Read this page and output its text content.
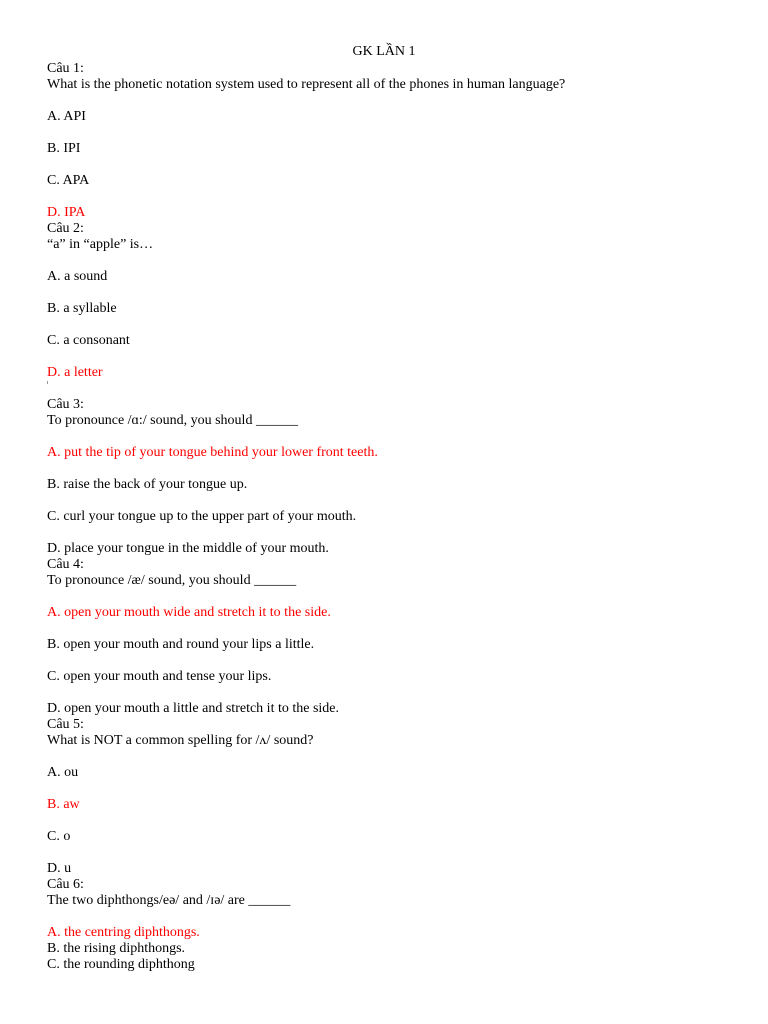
GK LẦN 1
Câu 1:
What is the phonetic notation system used to represent all of the phones in human language?
A. API
B. IPI
C. APA
D. IPA
Câu 2:
“a” in “apple” is…
A. a sound
B. a syllable
C. a consonant
D. a letter
Câu 3:
To pronounce /ɑ:/ sound, you should ______
A. put the tip of your tongue behind your lower front teeth.
B. raise the back of your tongue up.
C. curl your tongue up to the upper part of your mouth.
D. place your tongue in the middle of your mouth.
Câu 4:
To pronounce /æ/ sound, you should ______
A. open your mouth wide and stretch it to the side.
B. open your mouth and round your lips a little.
C. open your mouth and tense your lips.
D. open your mouth a little and stretch it to the side.
Câu 5:
What is NOT a common spelling for /ʌ/ sound?
A. ou
B. aw
C. o
D. u
Câu 6:
The two diphthongs/eə/ and /ɪə/ are ______
A. the centring diphthongs.
B. the rising diphthongs.
C. the rounding diphthong
